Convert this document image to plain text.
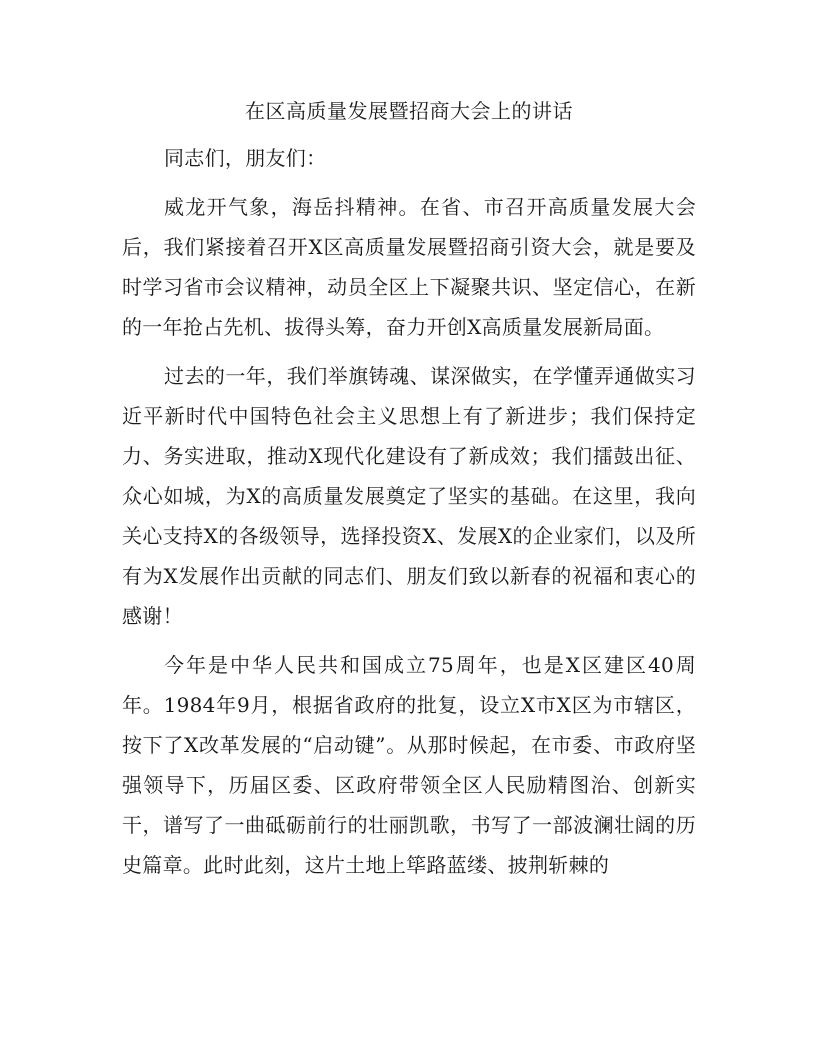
在区高质量发展暨招商大会上的讲话

同志们，朋友们：

威龙开气象，海岳抖精神。在省、市召开高质量发展大会后，我们紧接着召开X区高质量发展暨招商引资大会，就是要及时学习省市会议精神，动员全区上下凝聚共识、坚定信心，在新的一年抢占先机、拔得头筹，奋力开创X高质量发展新局面。

过去的一年，我们举旗铸魂、谋深做实，在学懂弄通做实习近平新时代中国特色社会主义思想上有了新进步；我们保持定力、务实进取，推动X现代化建设有了新成效；我们擂鼓出征、众心如城，为X的高质量发展奠定了坚实的基础。在这里，我向关心支持X的各级领导，选择投资X、发展X的企业家们，以及所有为X发展作出贡献的同志们、朋友们致以新春的祝福和衷心的感谢！

今年是中华人民共和国成立75周年，也是X区建区40周年。1984年9月，根据省政府的批复，设立X市X区为市辖区，按下了X改革发展的“启动键”。从那时候起，在市委、市政府坚强领导下，历届区委、区政府带领全区人民励精图治、创新实干，谱写了一曲砥砺前行的壮丽凯歌，书写了一部波澜壮阔的历史篇章。此时此刻，这片土地上筚路蓝缕、披荆斩棘的
